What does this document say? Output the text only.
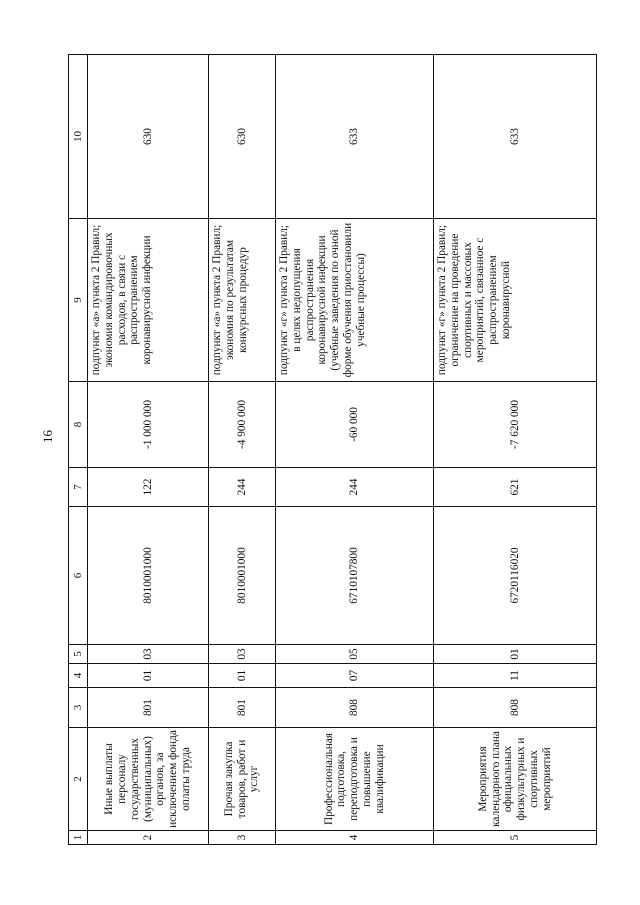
16
1	2	3	4	5	6	7	8	9	10
2	Иные выплаты персоналу государственных (муниципальных) органов, за исключением фонда оплаты труда	801	01	03	8010001000	122	-1 000 000	подпункт «а» пункта 2 Правил; экономия командировочных расходов, в связи с распространением коронавирусной инфекции	630
3	Прочая закупка товаров, работ и услуг	801	01	03	8010001000	244	-4 900 000	подпункт «а» пункта 2 Правил; экономия по результатам конкурсных процедур	630
4	Профессиональная подготовка, переподготовка и повышение квалификации	808	07	05	6710107800	244	-60 000	подпункт «г» пункта 2 Правил; в целях недопущения распространения коронавирусной инфекции (учебные заведения по очной форме обучения приостановили учебные процессы)	633
5	Мероприятия календарного плана официальных физкультурных и спортивных мероприятий	808	11	01	6720116020	621	-7 620 000	подпункт «г» пункта 2 Правил; ограничение на проведение спортивных и массовых мероприятий, связанное с распространением коронавирусной	633
